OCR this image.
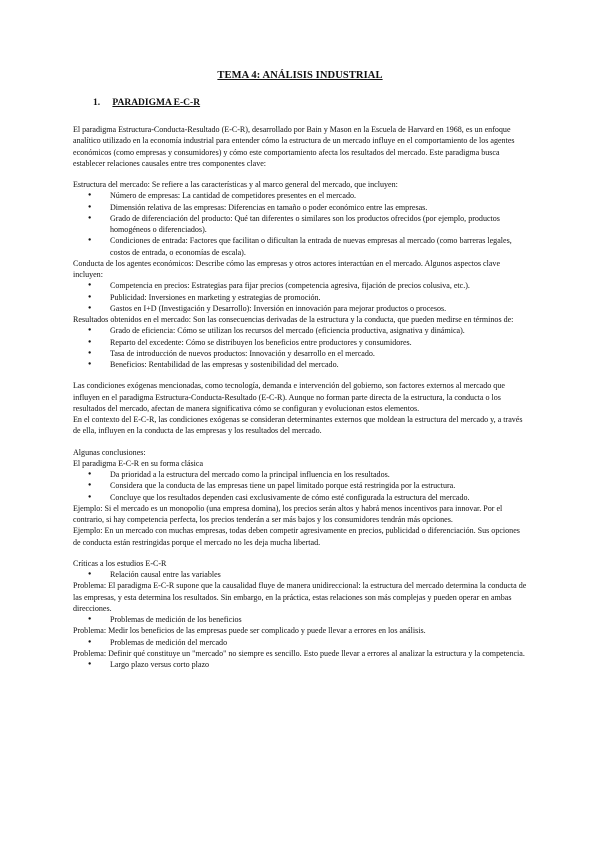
TEMA 4: ANÁLISIS INDUSTRIAL
1. PARADIGMA E-C-R

El paradigma Estructura-Conducta-Resultado (E-C-R), desarrollado por Bain y Mason en la Escuela de Harvard en 1968, es un enfoque analítico utilizado en la economía industrial para entender cómo la estructura de un mercado influye en el comportamiento de los agentes económicos (como empresas y consumidores) y cómo este comportamiento afecta los resultados del mercado. Este paradigma busca establecer relaciones causales entre tres componentes clave:

Estructura del mercado: Se refiere a las características y al marco general del mercado, que incluyen:

● Número de empresas: La cantidad de competidores presentes en el mercado.
● Dimensión relativa de las empresas: Diferencias en tamaño o poder económico entre las empresas.
● Grado de diferenciación del producto: Qué tan diferentes o similares son los productos ofrecidos (por ejemplo, productos homogéneos o diferenciados).
● Condiciones de entrada: Factores que facilitan o dificultan la entrada de nuevas empresas al mercado (como barreras legales, costos de entrada, o economías de escala).

Conducta de los agentes económicos: Describe cómo las empresas y otros actores interactúan en el mercado. Algunos aspectos clave incluyen:

● Competencia en precios: Estrategias para fijar precios (competencia agresiva, fijación de precios colusiva, etc.).
● Publicidad: Inversiones en marketing y estrategias de promoción.
● Gastos en I+D (Investigación y Desarrollo): Inversión en innovación para mejorar productos o procesos.

Resultados obtenidos en el mercado: Son las consecuencias derivadas de la estructura y la conducta, que pueden medirse en términos de:

● Grado de eficiencia: Cómo se utilizan los recursos del mercado (eficiencia productiva, asignativa y dinámica).
● Reparto del excedente: Cómo se distribuyen los beneficios entre productores y consumidores.
● Tasa de introducción de nuevos productos: Innovación y desarrollo en el mercado.
● Beneficios: Rentabilidad de las empresas y sostenibilidad del mercado.

Las condiciones exógenas mencionadas, como tecnología, demanda e intervención del gobierno, son factores externos al mercado que influyen en el paradigma Estructura-Conducta-Resultado (E-C-R). Aunque no forman parte directa de la estructura, la conducta o los resultados del mercado, afectan de manera significativa cómo se configuran y evolucionan estos elementos.

En el contexto del E-C-R, las condiciones exógenas se consideran determinantes externos que moldean la estructura del mercado y, a través de ella, influyen en la conducta de las empresas y los resultados del mercado.

Algunas conclusiones:

El paradigma E-C-R en su forma clásica

● Da prioridad a la estructura del mercado como la principal influencia en los resultados.
● Considera que la conducta de las empresas tiene un papel limitado porque está restringida por la estructura.
● Concluye que los resultados dependen casi exclusivamente de cómo esté configurada la estructura del mercado.

Ejemplo: Si el mercado es un monopolio (una empresa domina), los precios serán altos y habrá menos incentivos para innovar. Por el contrario, si hay competencia perfecta, los precios tenderán a ser más bajos y los consumidores tendrán más opciones.

Ejemplo: En un mercado con muchas empresas, todas deben competir agresivamente en precios, publicidad o diferenciación. Sus opciones de conducta están restringidas porque el mercado no les deja mucha libertad.

Críticas a los estudios E-C-R

● Relación causal entre las variables

Problema: El paradigma E-C-R supone que la causalidad fluye de manera unidireccional: la estructura del mercado determina la conducta de las empresas, y esta determina los resultados. Sin embargo, en la práctica, estas relaciones son más complejas y pueden operar en ambas direcciones.

● Problemas de medición de los beneficios

Problema: Medir los beneficios de las empresas puede ser complicado y puede llevar a errores en los análisis.

● Problemas de medición del mercado

Problema: Definir qué constituye un "mercado" no siempre es sencillo. Esto puede llevar a errores al analizar la estructura y la competencia.

● Largo plazo versus corto plazo
